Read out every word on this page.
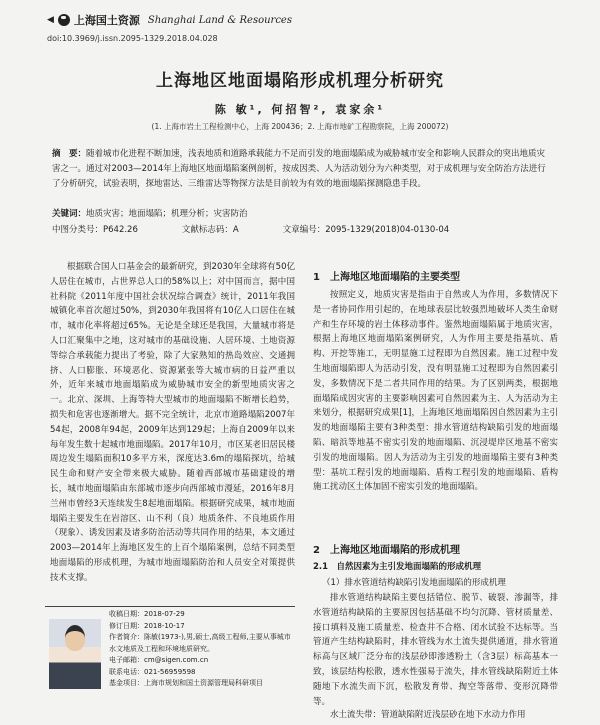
◀ 上海国土资源 Shanghai Land & Resources
doi:10.3969/j.issn.2095-1329.2018.04.028
上海地区地面塌陷形成机理分析研究
陈 敏¹, 何招智², 袁家余¹
(1. 上海市岩土工程检测中心，上海 200436；2. 上海市地矿工程勘察院，上海 200072)
摘　要：随着城市化进程不断加速，浅表地质和道路承载能力不足而引发的地面塌陷成为威胁城市安全和影响人民群众的突出地质灾害之一。通过对2003—2014年上海地区地面塌陷案例剖析，按成因类、人为活动划分为六种类型，对于成机理与安全防治方法进行了分析研究，试验表明，探地雷达、三维雷达等物探方法是目前较为有效的地面塌陷探测隐患手段。
关键词：地质灾害；地面塌陷；机理分析；灾害防治
中图分类号：P642.26	文献标志码：A	文章编号：2095-1329(2018)04-0130-04
根据联合国人口基金会的最新研究，到2030年全球将有50亿人居住在城市，占世界总人口的58%以上；对中国而言，据中国社科院《2011年度中国社会状况综合调查》统计，2011年我国城镇化率首次超过50%，到2030年我国将有10亿人口居住在城市，城市化率将超过65%。无论是全球还是我国，大量城市将是人口汇聚集中之地，这对城市的基础设施、人居环境、土地资源等综合承载能力提出了考验，除了大家熟知的热岛效应、交通拥挤、人口膨胀、环境恶化、资源紧张等大城市病的日益严重以外，近年来城市地面塌陷成为威胁城市安全的新型地质灾害之一。北京、深圳、上海等特大型城市的地面塌陷不断增长趋势，损失和危害也逐渐增大。据不完全统计，北京市道路塌陷2007年54起，2008年94起，2009年达到129起；上海自2009年以来每年发生数十起城市地面塌陷。2017年10月，市区某老旧居民楼周边发生塌陷面积10多平方米，深度达3.6m的塌陷探坑，给城民生命和财产安全带来极大威胁。随着西部城市基础建设的增长，城市地面塌陷由东部城市逐步向西部城市漫延，2016年8月兰州市曾经3天连续发生8起地面塌陷。根据研究成果，城市地面塌陷主要发生在岩溶区、山不利（良）地质条件、不良地质作用（现象）、诱发因素及诸多防治活动等共同作用的结果，本文通过2003—2014年上海地区发生的上百个塌陷案例，总结不同类型地面塌陷的形成机理，为城市地面塌陷防治和人员安全对策提供技术支撑。
1　上海地区地面塌陷的主要类型
按照定义，地质灾害是指由于自然或人为作用，多数情况下是一者协同作用引起的，在地球表层比较强烈地破坏人类生命财产和生存环境的岩土体移动事件。鉴然地面塌陷属于地质灾害，根据上海地区地面塌陷案例研究，人为作用主要是指基坑、盾构、开挖等施工，无明显施工过程即为自然因素。施工过程中发生地面塌陷即人为活动引发，没有明显施工过程即为自然因素引发，多数情况下是二者共同作用的结果。为了区别两类，根据地面塌陷成因灾害的主要影响因素可自然因素为主、人为活动为主来划分，根据研究成果[1]，上海地区地面塌陷因自然因素为主引发的地面塌陷主要有3种类型：排水管道结构缺陷引发的地面塌陷、暗浜等地基不密实引发的地面塌陷、沉浸堤岸区地基不密实引发的地面塌陷。因人为活动为主引发的地面塌陷主要有3种类型：基坑工程引发的地面塌陷、盾构工程引发的地面塌陷、盾构施工扰动区土体加固不密实引发的地面塌陷。
2　上海地区地面塌陷的形成机理
2.1　自然因素为主引发地面塌陷的形成机理
（1）排水管道结构缺陷引发地面塌陷的形成机理
排水管道结构缺陷主要包括错位、脱节、破裂、渗漏等，排水管道结构缺陷的主要原因包括基础不均匀沉降、管材质量差、接口填料及施工质量差、检查井不合格、闭水试验不达标等。当管道产生结构缺陷时，排水管线为水土流失提供通道，排水管道标高与区域厂泛分布的浅层砂即渗透粉土（含3层）标高基本一致，该层结构松散，透水性强易于流失，排水管线缺陷附近土体随地下水流失而下沉，松散发育带、掏空等落带、变形沉降带等。
水土流失带：管道缺陷附近浅层砂在地下水动力作用
收稿日期：2018-07-29
修订日期：2018-10-17
作者简介：陈敏(1973-),男,硕士,高级工程师,主要从事城市水文地质及工程和环境地质研究。
电子邮箱：cm@sigen.com.cn
联系电话：021-56959598
基金项目：上海市规划和国土资源管理局科研项目
